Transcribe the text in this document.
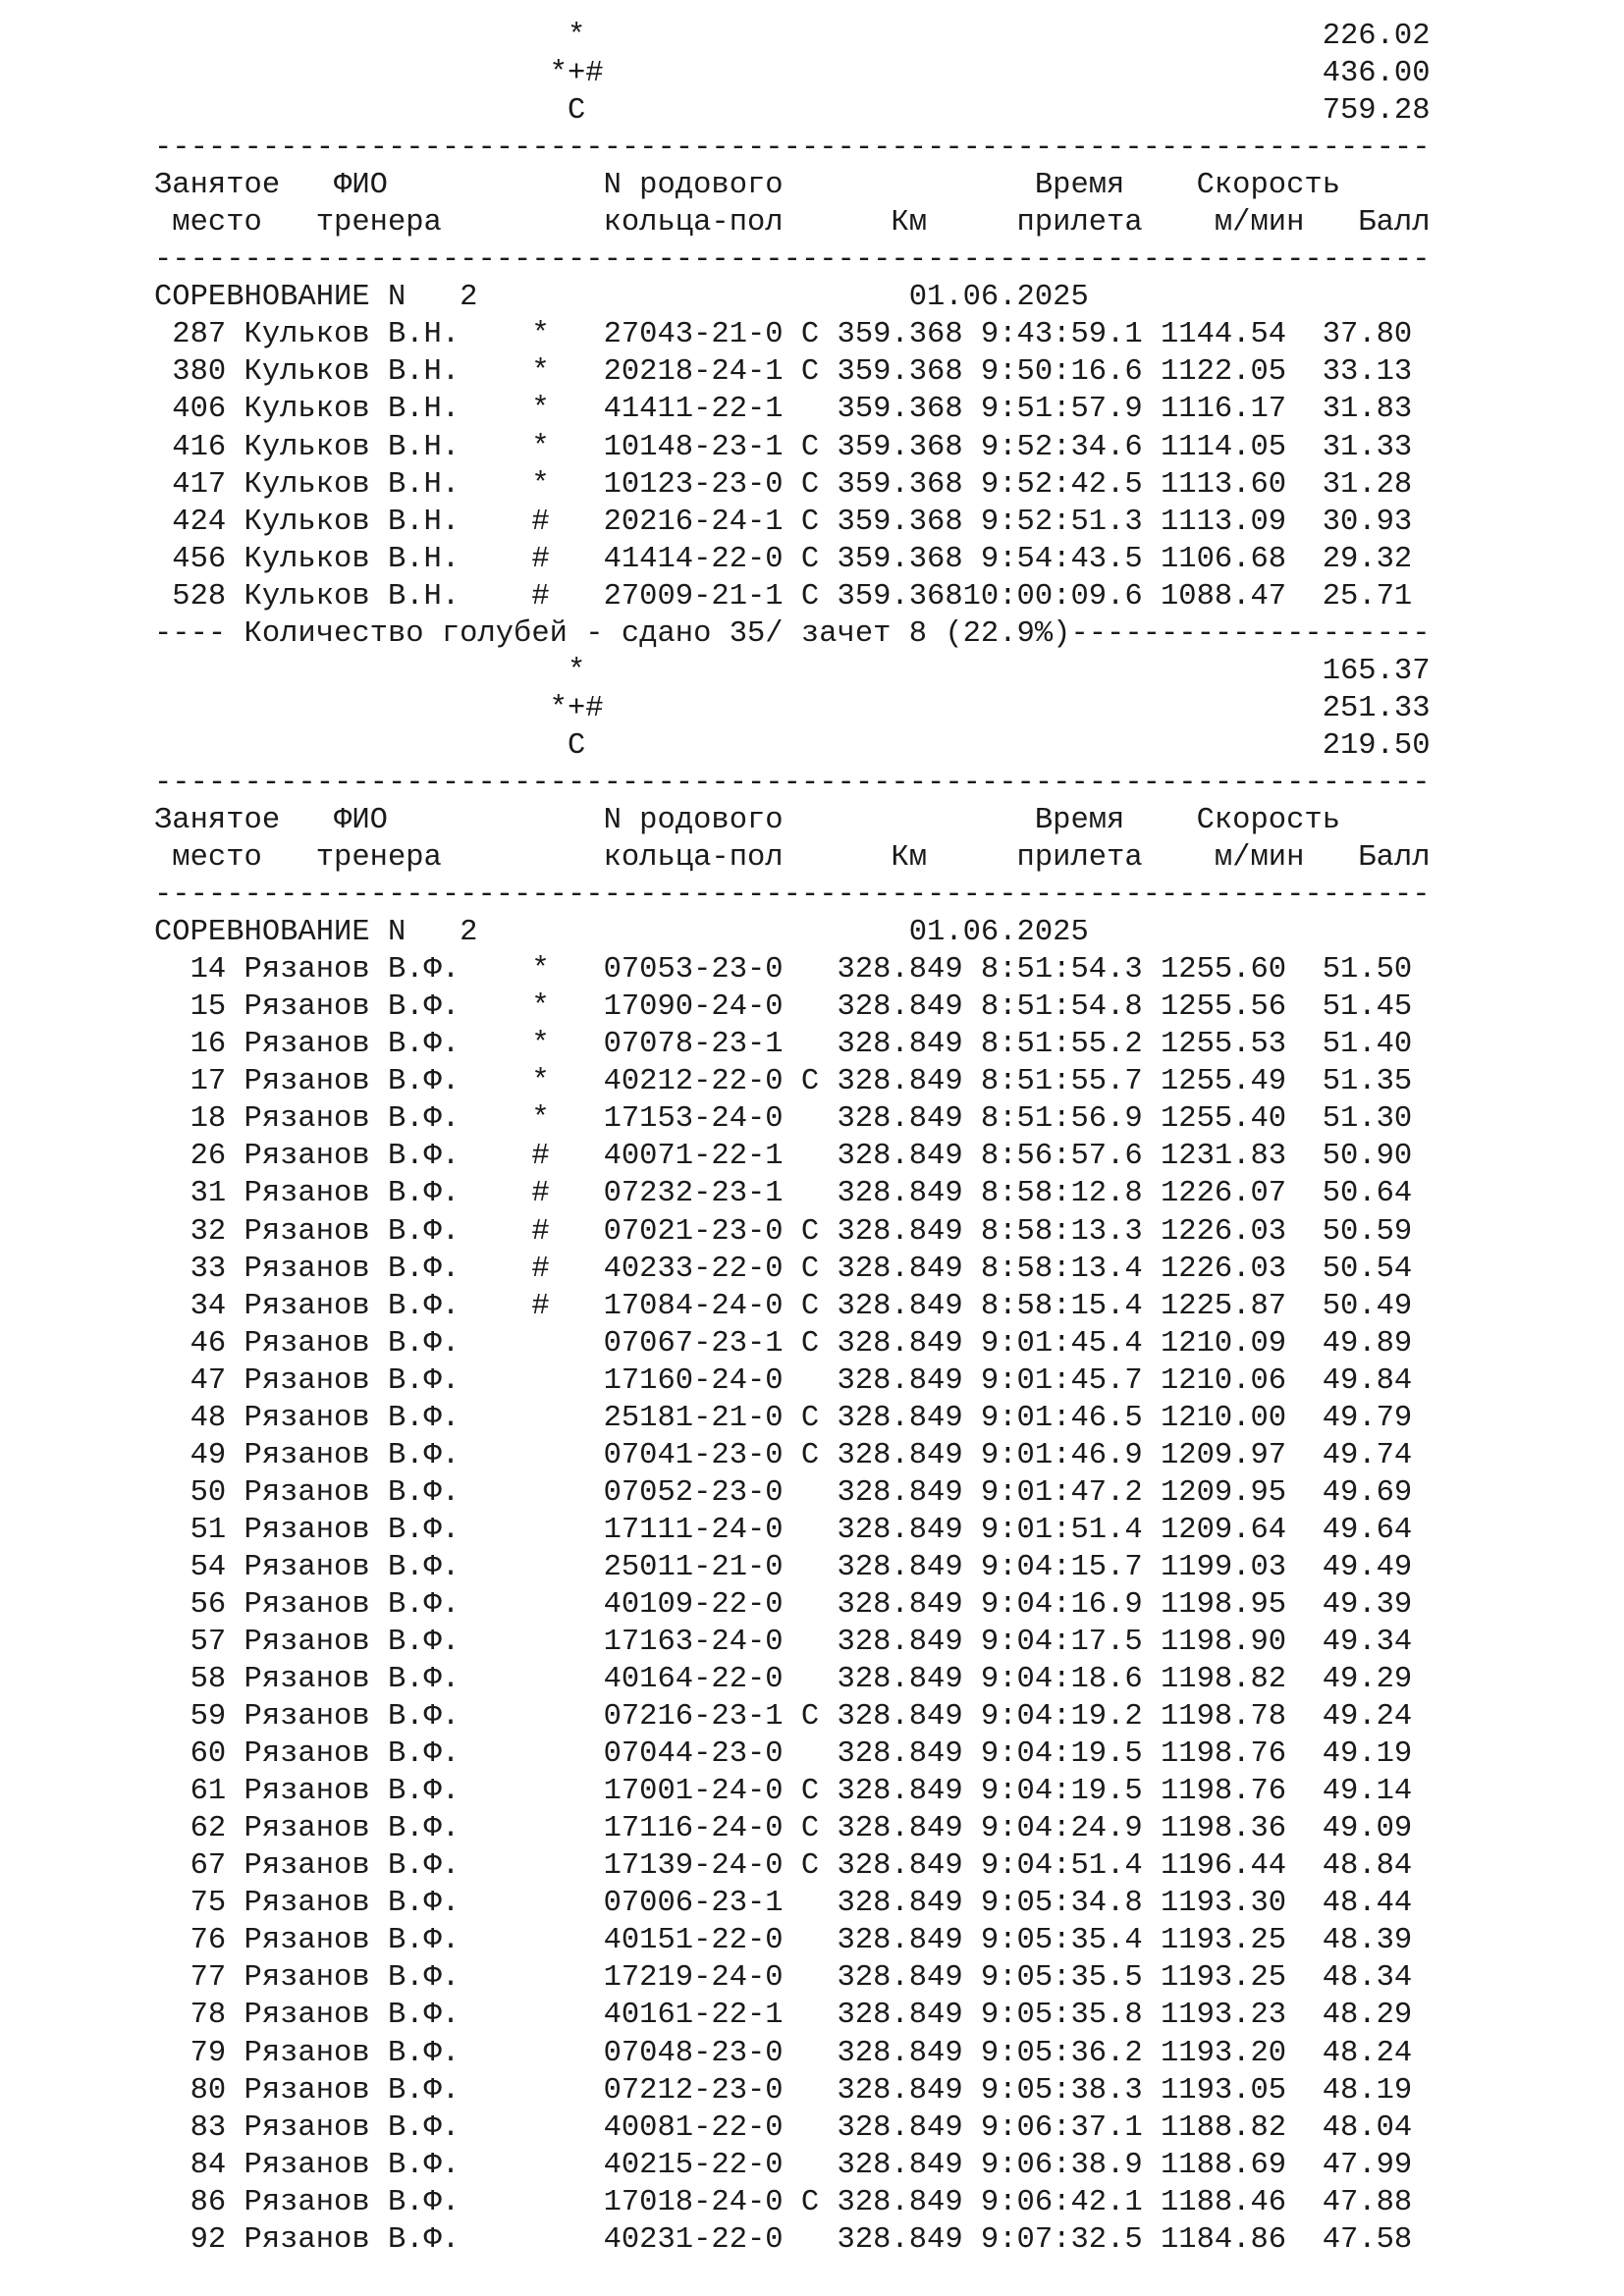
*                                         226.02
*+#                                        436.00
C                                         759.28
-----------------------------------------------------------------------
Занятое   ФИО            N родового              Время    Скорость
место   тренера         кольца-пол      Км     прилета    м/мин   Балл
-----------------------------------------------------------------------
СОРЕВНОВАНИЕ N   2                        01.06.2025
287 Кульков В.Н.    *   27043-21-0 C 359.368 9:43:59.1 1144.54  37.80
380 Кульков В.Н.    *   20218-24-1 C 359.368 9:50:16.6 1122.05  33.13
406 Кульков В.Н.    *   41411-22-1   359.368 9:51:57.9 1116.17  31.83
416 Кульков В.Н.    *   10148-23-1 C 359.368 9:52:34.6 1114.05  31.33
417 Кульков В.Н.    *   10123-23-0 C 359.368 9:52:42.5 1113.60  31.28
424 Кульков В.Н.    #   20216-24-1 C 359.368 9:52:51.3 1113.09  30.93
456 Кульков В.Н.    #   41414-22-0 C 359.368 9:54:43.5 1106.68  29.32
528 Кульков В.Н.    #   27009-21-1 C 359.36810:00:09.6 1088.47  25.71
---- Количество голубей - сдано 35/ зачет 8 (22.9%)--------------------
*                                         165.37
*+#                                        251.33
C                                         219.50
-----------------------------------------------------------------------
Занятое   ФИО            N родового              Время    Скорость
место   тренера         кольца-пол      Км     прилета    м/мин   Балл
-----------------------------------------------------------------------
СОРЕВНОВАНИЕ N   2                        01.06.2025
14 Рязанов В.Ф.    *   07053-23-0   328.849 8:51:54.3 1255.60  51.50
15 Рязанов В.Ф.    *   17090-24-0   328.849 8:51:54.8 1255.56  51.45
16 Рязанов В.Ф.    *   07078-23-1   328.849 8:51:55.2 1255.53  51.40
17 Рязанов В.Ф.    *   40212-22-0 C 328.849 8:51:55.7 1255.49  51.35
18 Рязанов В.Ф.    *   17153-24-0   328.849 8:51:56.9 1255.40  51.30
26 Рязанов В.Ф.    #   40071-22-1   328.849 8:56:57.6 1231.83  50.90
31 Рязанов В.Ф.    #   07232-23-1   328.849 8:58:12.8 1226.07  50.64
32 Рязанов В.Ф.    #   07021-23-0 C 328.849 8:58:13.3 1226.03  50.59
33 Рязанов В.Ф.    #   40233-22-0 C 328.849 8:58:13.4 1226.03  50.54
34 Рязанов В.Ф.    #   17084-24-0 C 328.849 8:58:15.4 1225.87  50.49
46 Рязанов В.Ф.        07067-23-1 C 328.849 9:01:45.4 1210.09  49.89
47 Рязанов В.Ф.        17160-24-0   328.849 9:01:45.7 1210.06  49.84
48 Рязанов В.Ф.        25181-21-0 C 328.849 9:01:46.5 1210.00  49.79
49 Рязанов В.Ф.        07041-23-0 C 328.849 9:01:46.9 1209.97  49.74
50 Рязанов В.Ф.        07052-23-0   328.849 9:01:47.2 1209.95  49.69
51 Рязанов В.Ф.        17111-24-0   328.849 9:01:51.4 1209.64  49.64
54 Рязанов В.Ф.        25011-21-0   328.849 9:04:15.7 1199.03  49.49
56 Рязанов В.Ф.        40109-22-0   328.849 9:04:16.9 1198.95  49.39
57 Рязанов В.Ф.        17163-24-0   328.849 9:04:17.5 1198.90  49.34
58 Рязанов В.Ф.        40164-22-0   328.849 9:04:18.6 1198.82  49.29
59 Рязанов В.Ф.        07216-23-1 C 328.849 9:04:19.2 1198.78  49.24
60 Рязанов В.Ф.        07044-23-0   328.849 9:04:19.5 1198.76  49.19
61 Рязанов В.Ф.        17001-24-0 C 328.849 9:04:19.5 1198.76  49.14
62 Рязанов В.Ф.        17116-24-0 C 328.849 9:04:24.9 1198.36  49.09
67 Рязанов В.Ф.        17139-24-0 C 328.849 9:04:51.4 1196.44  48.84
75 Рязанов В.Ф.        07006-23-1   328.849 9:05:34.8 1193.30  48.44
76 Рязанов В.Ф.        40151-22-0   328.849 9:05:35.4 1193.25  48.39
77 Рязанов В.Ф.        17219-24-0   328.849 9:05:35.5 1193.25  48.34
78 Рязанов В.Ф.        40161-22-1   328.849 9:05:35.8 1193.23  48.29
79 Рязанов В.Ф.        07048-23-0   328.849 9:05:36.2 1193.20  48.24
80 Рязанов В.Ф.        07212-23-0   328.849 9:05:38.3 1193.05  48.19
83 Рязанов В.Ф.        40081-22-0   328.849 9:06:37.1 1188.82  48.04
84 Рязанов В.Ф.        40215-22-0   328.849 9:06:38.9 1188.69  47.99
86 Рязанов В.Ф.        17018-24-0 C 328.849 9:06:42.1 1188.46  47.88
92 Рязанов В.Ф.        40231-22-0   328.849 9:07:32.5 1184.86  47.58
